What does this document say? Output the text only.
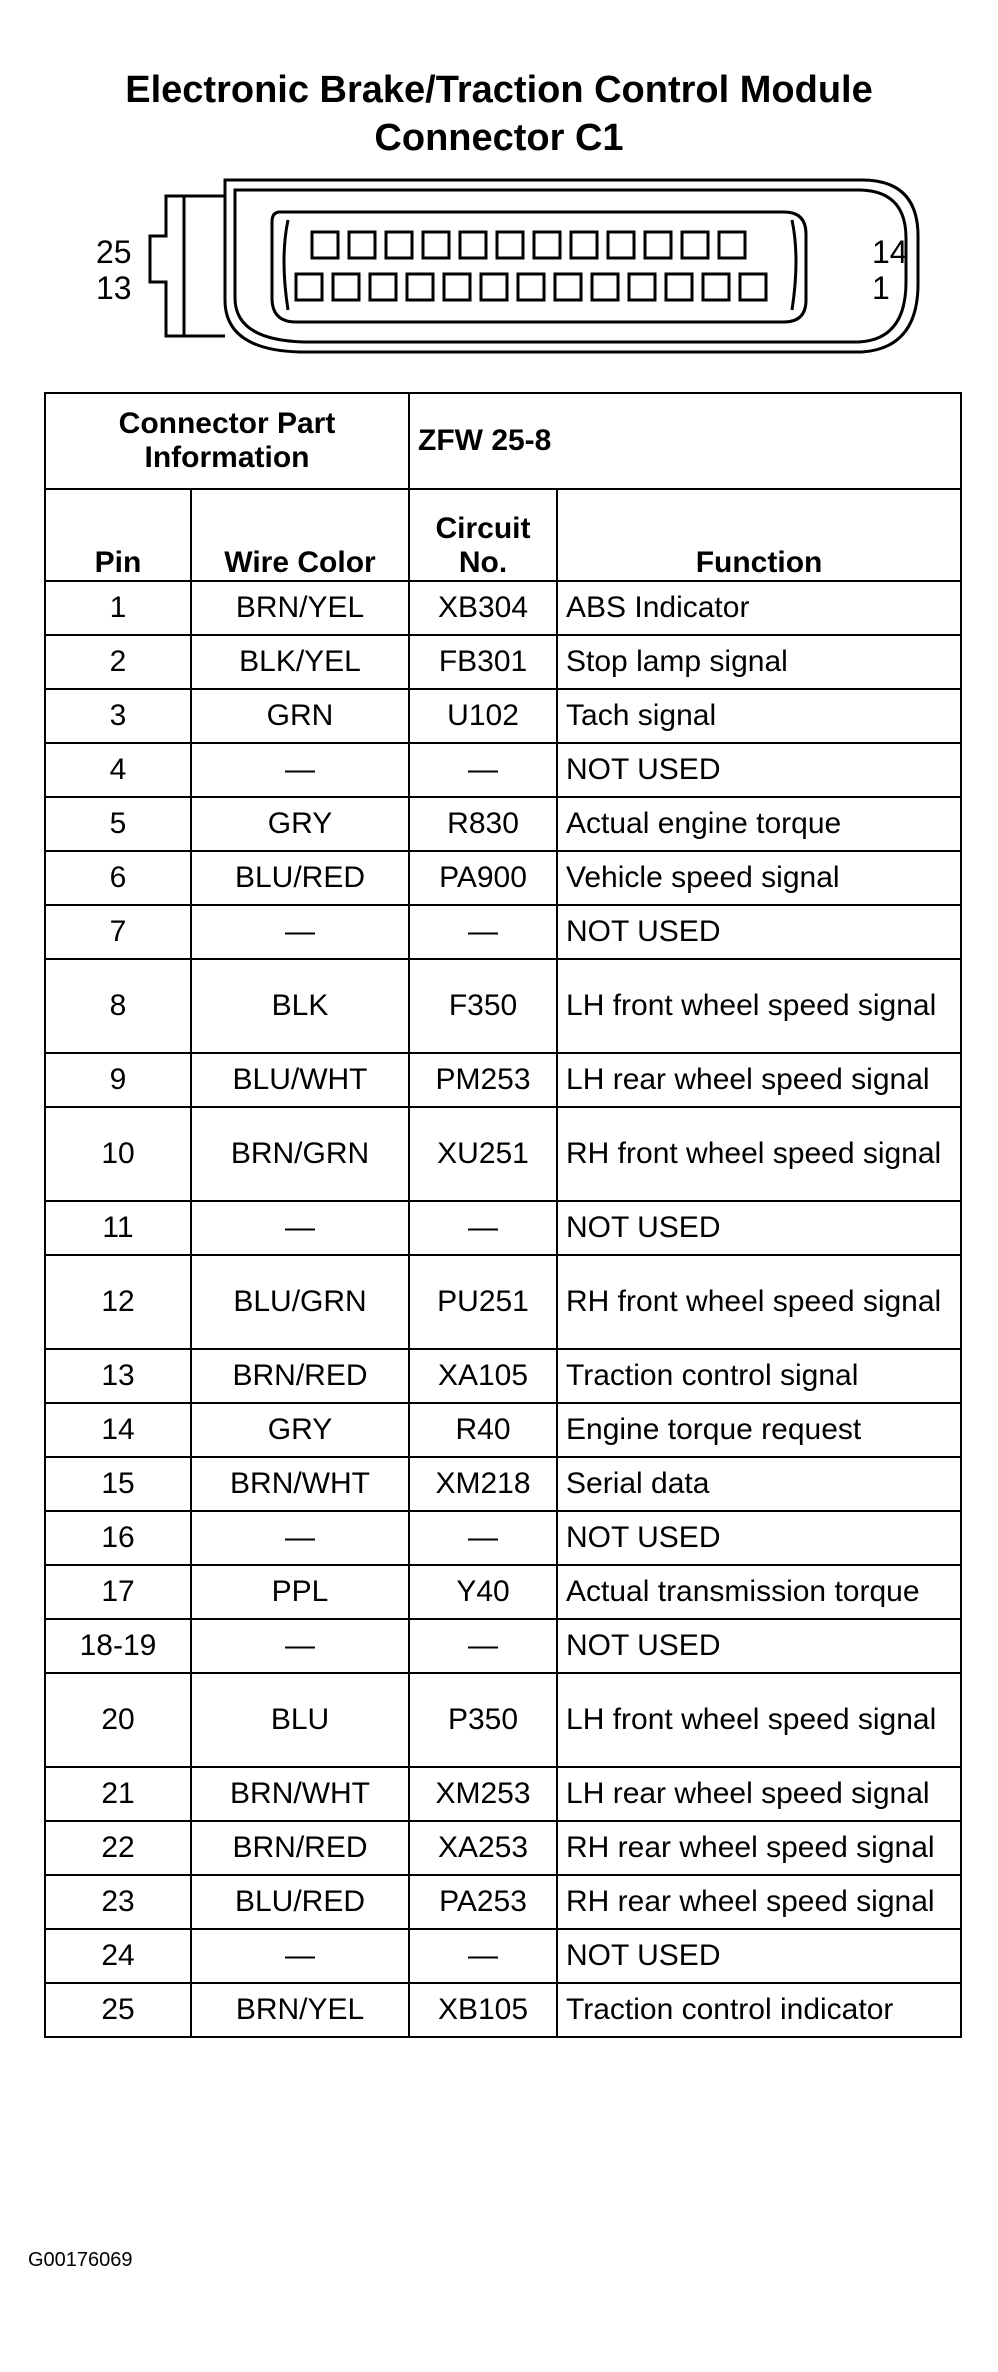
Electronic Brake/Traction Control Module
Connector C1
25
13
14
1
Connector Part Information		ZFW 25-8	
Pin	Wire Color	Circuit No.	Function
1	BRN/YEL	XB304	ABS Indicator
2	BLK/YEL	FB301	Stop lamp signal
3	GRN	U102	Tach signal
4	—	—	NOT USED
5	GRY	R830	Actual engine torque
6	BLU/RED	PA900	Vehicle speed signal
7	—	—	NOT USED
8	BLK	F350	LH front wheel speed signal
9	BLU/WHT	PM253	LH rear wheel speed signal
10	BRN/GRN	XU251	RH front wheel speed signal
11	—	—	NOT USED
12	BLU/GRN	PU251	RH front wheel speed signal
13	BRN/RED	XA105	Traction control signal
14	GRY	R40	Engine torque request
15	BRN/WHT	XM218	Serial data
16	—	—	NOT USED
17	PPL	Y40	Actual transmission torque
18-19	—	—	NOT USED
20	BLU	P350	LH front wheel speed signal
21	BRN/WHT	XM253	LH rear wheel speed signal
22	BRN/RED	XA253	RH rear wheel speed signal
23	BLU/RED	PA253	RH rear wheel speed signal
24	—	—	NOT USED
25	BRN/YEL	XB105	Traction control indicator
G00176069
